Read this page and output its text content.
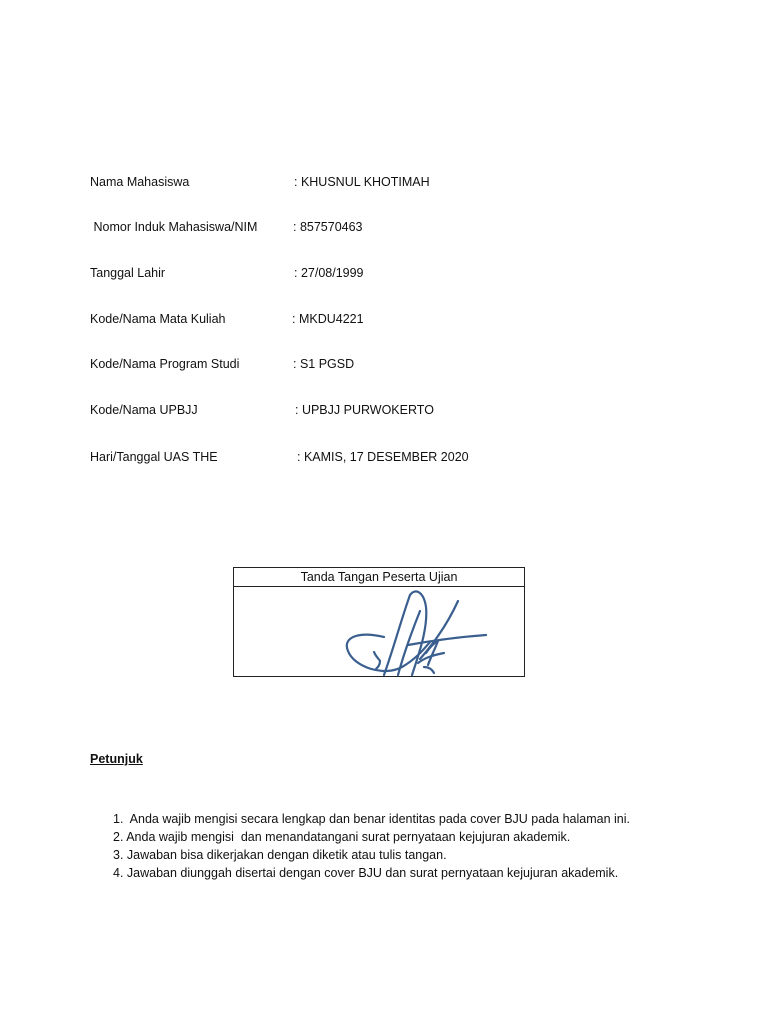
Nama Mahasiswa	: KHUSNUL KHOTIMAH
Nomor Induk Mahasiswa/NIM	: 857570463
Tanggal Lahir	: 27/08/1999
Kode/Nama Mata Kuliah	: MKDU4221
Kode/Nama Program Studi	: S1 PGSD
Kode/Nama UPBJJ	: UPBJJ PURWOKERTO
Hari/Tanggal UAS THE	: KAMIS, 17 DESEMBER 2020
Tanda Tangan Peserta Ujian
Petunjuk
1.  Anda wajib mengisi secara lengkap dan benar identitas pada cover BJU pada halaman ini.
2. Anda wajib mengisi  dan menandatangani surat pernyataan kejujuran akademik.
3. Jawaban bisa dikerjakan dengan diketik atau tulis tangan.
4. Jawaban diunggah disertai dengan cover BJU dan surat pernyataan kejujuran akademik.
